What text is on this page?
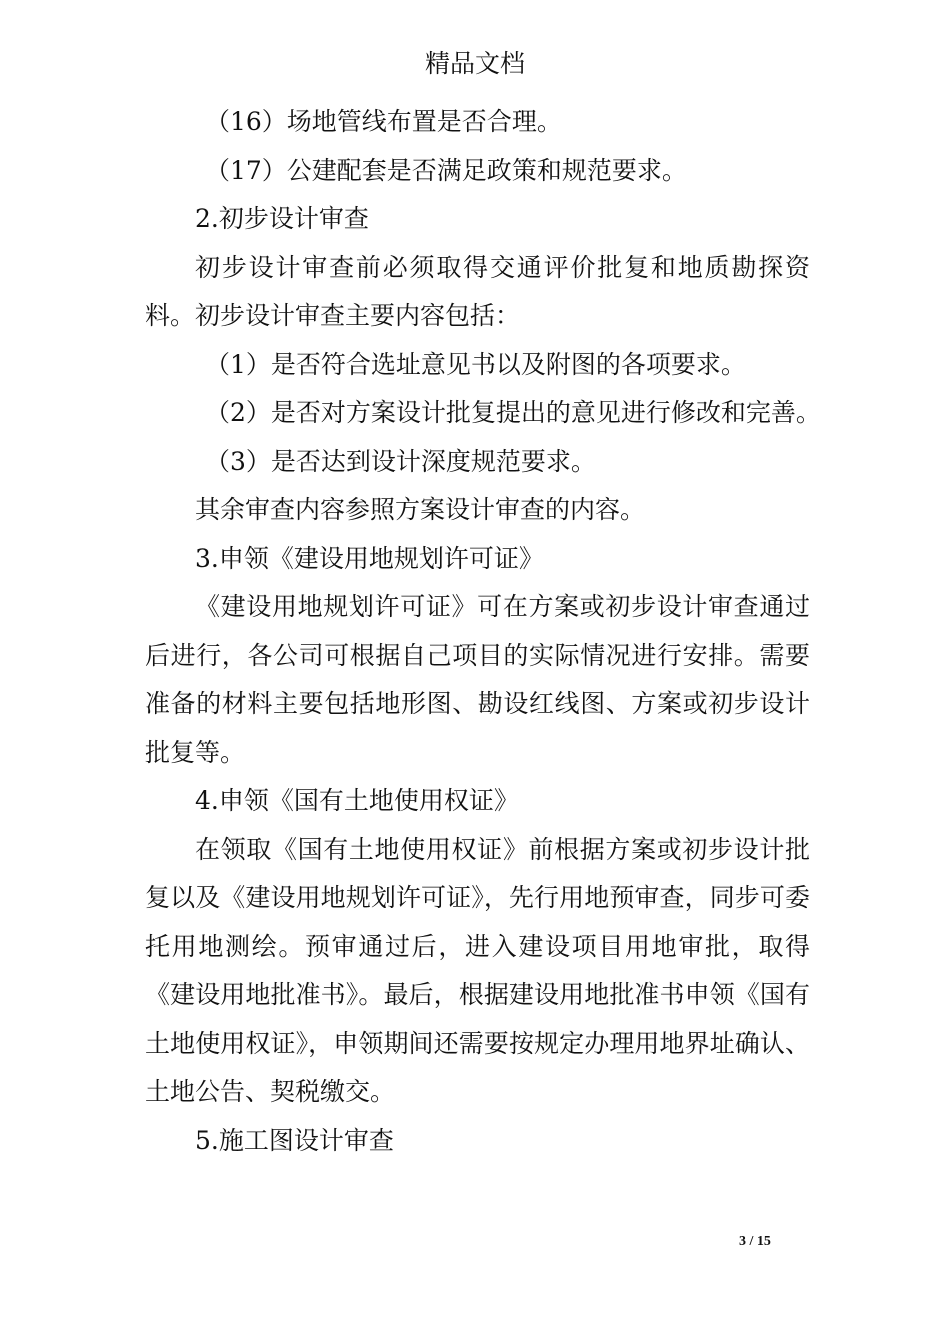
精品文档

（16）场地管线布置是否合理。

（17）公建配套是否满足政策和规范要求。

2.初步设计审查

初步设计审查前必须取得交通评价批复和地质勘探资料。初步设计审查主要内容包括：

（1）是否符合选址意见书以及附图的各项要求。

（2）是否对方案设计批复提出的意见进行修改和完善。

（3）是否达到设计深度规范要求。

其余审查内容参照方案设计审查的内容。

3.申领《建设用地规划许可证》

《建设用地规划许可证》可在方案或初步设计审查通过后进行，各公司可根据自己项目的实际情况进行安排。需要准备的材料主要包括地形图、勘设红线图、方案或初步设计批复等。

4.申领《国有土地使用权证》

在领取《国有土地使用权证》前根据方案或初步设计批复以及《建设用地规划许可证》，先行用地预审查，同步可委托用地测绘。预审通过后，进入建设项目用地审批，取得《建设用地批准书》。最后，根据建设用地批准书申领《国有土地使用权证》，申领期间还需要按规定办理用地界址确认、土地公告、契税缴交。

5.施工图设计审查

3 / 15
